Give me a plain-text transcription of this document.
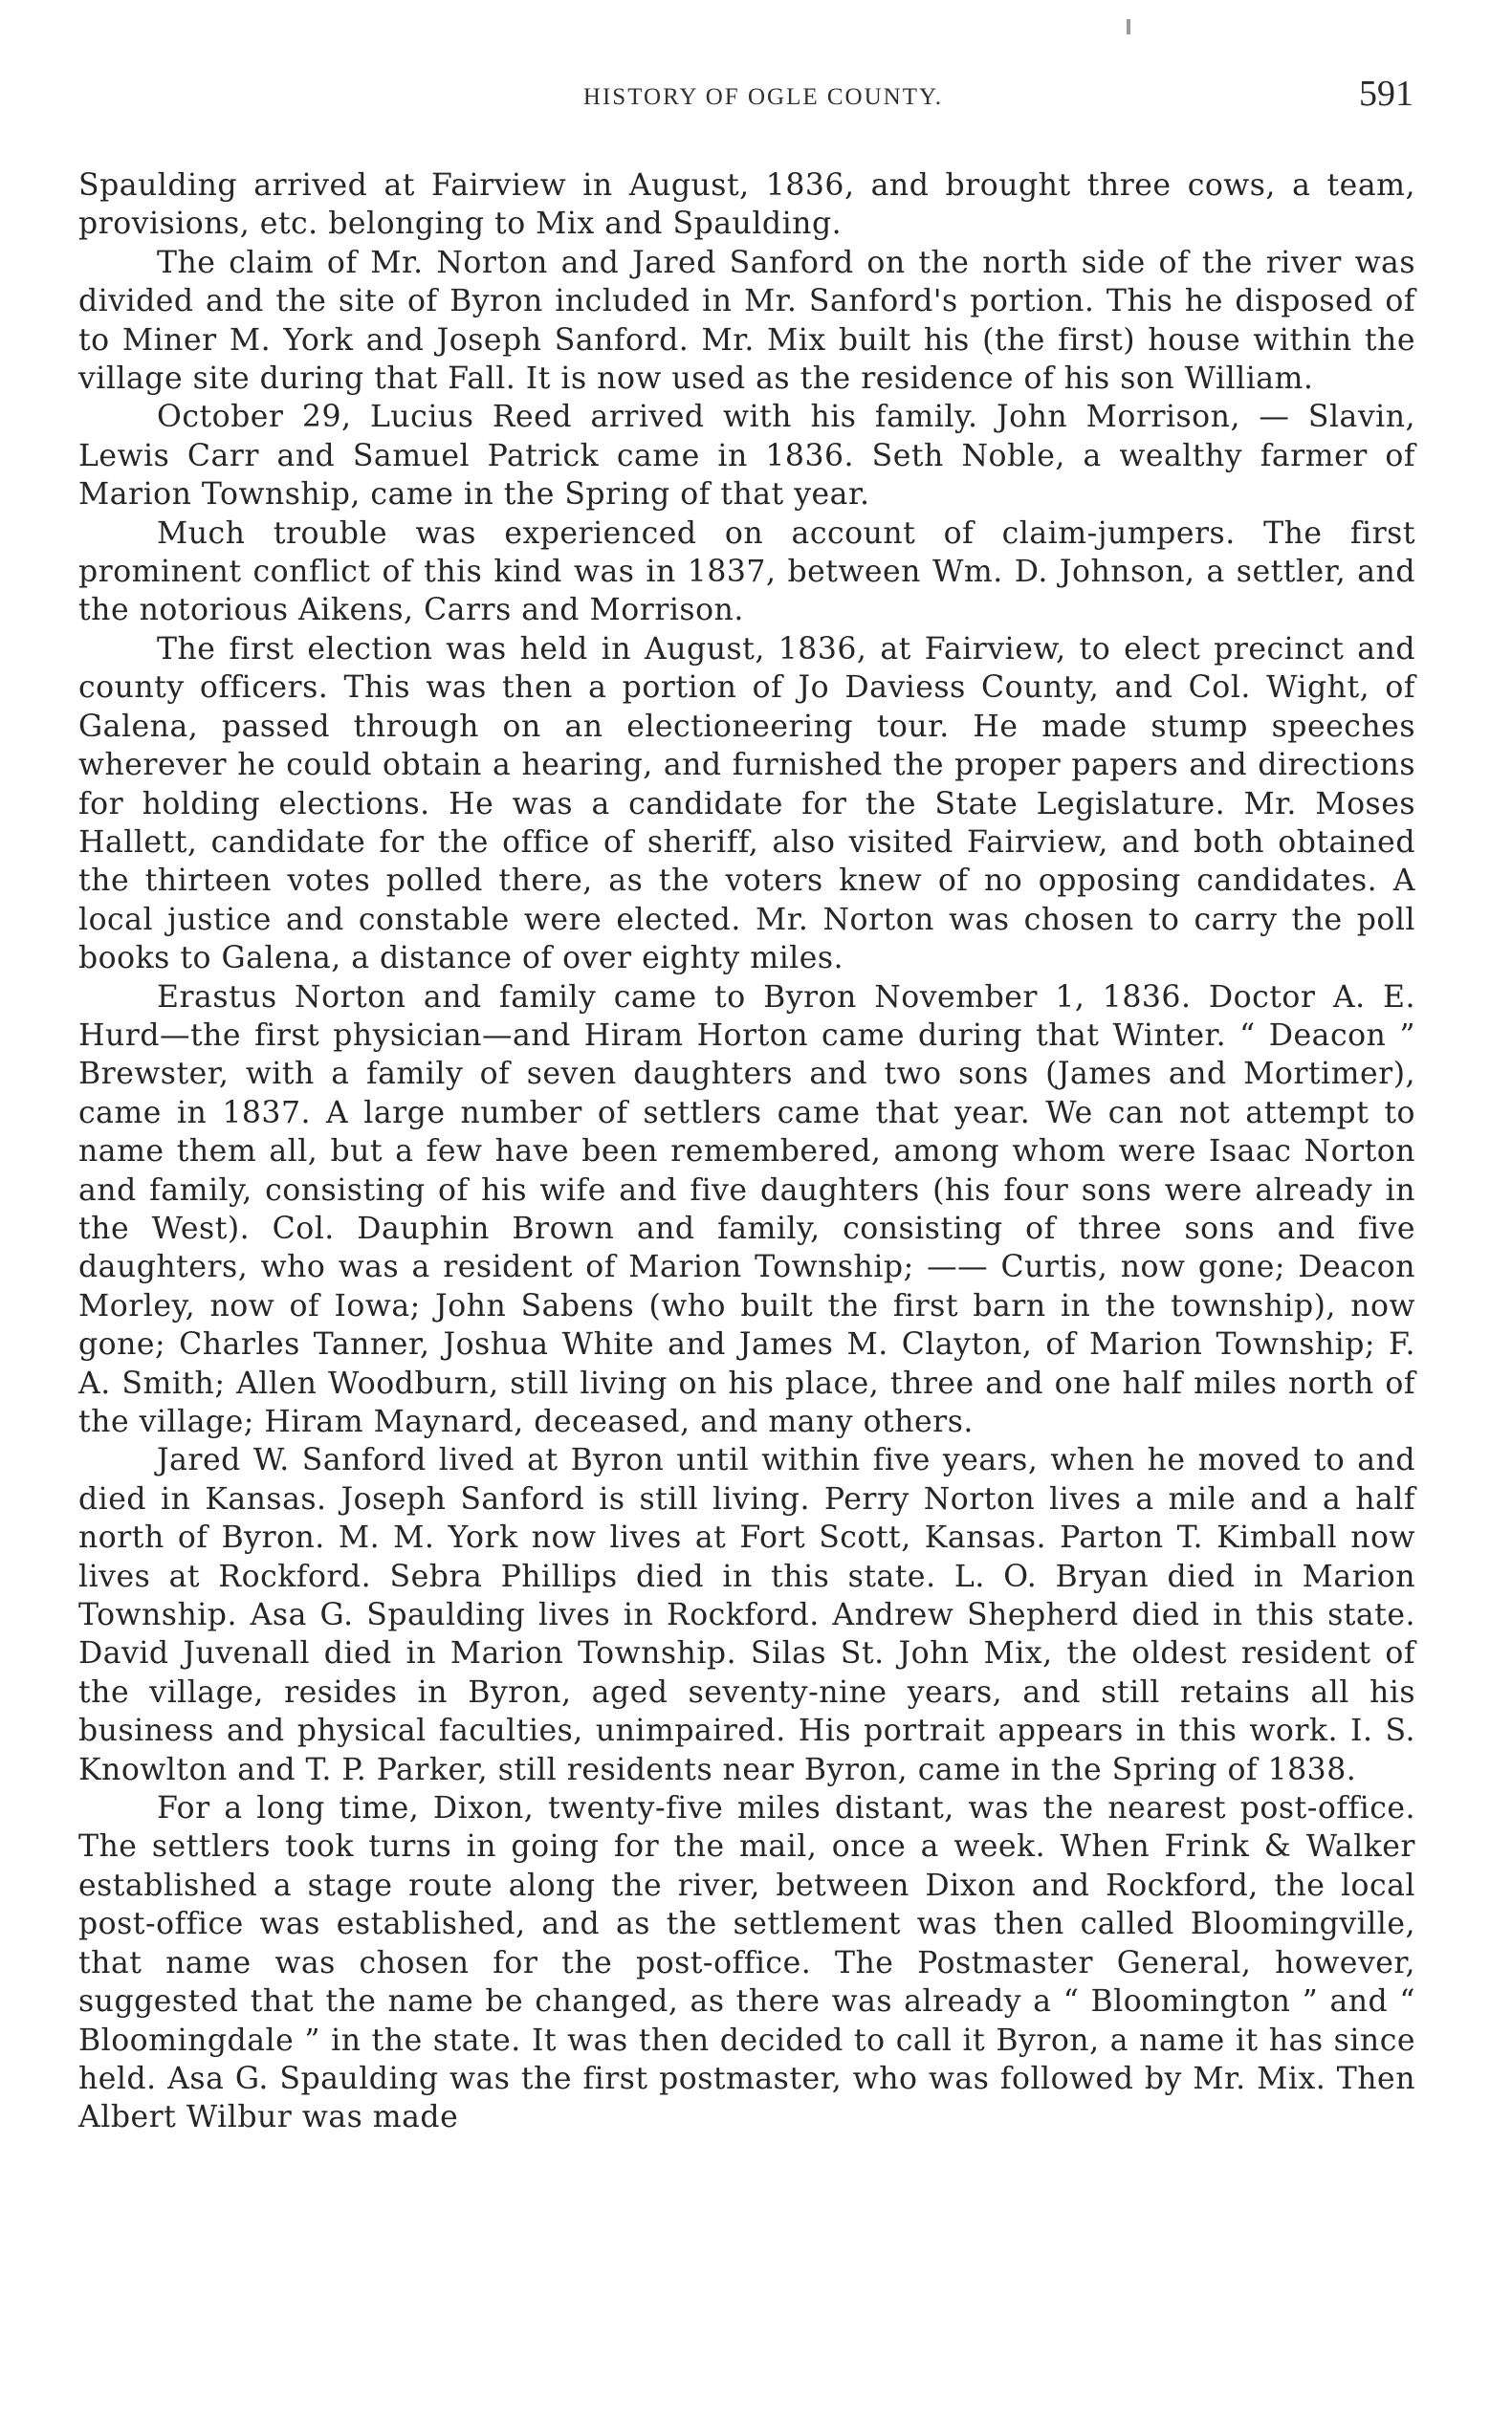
HISTORY OF OGLE COUNTY.	591

Spaulding arrived at Fairview in August, 1836, and brought three cows, a team, provisions, etc. belonging to Mix and Spaulding.

The claim of Mr. Norton and Jared Sanford on the north side of the river was divided and the site of Byron included in Mr. Sanford's portion. This he disposed of to Miner M. York and Joseph Sanford. Mr. Mix built his (the first) house within the village site during that Fall. It is now used as the residence of his son William.

October 29, Lucius Reed arrived with his family. John Morrison, — Slavin, Lewis Carr and Samuel Patrick came in 1836. Seth Noble, a wealthy farmer of Marion Township, came in the Spring of that year.

Much trouble was experienced on account of claim-jumpers. The first prominent conflict of this kind was in 1837, between Wm. D. Johnson, a settler, and the notorious Aikens, Carrs and Morrison.

The first election was held in August, 1836, at Fairview, to elect precinct and county officers. This was then a portion of Jo Daviess County, and Col. Wight, of Galena, passed through on an electioneering tour. He made stump speeches wherever he could obtain a hearing, and furnished the proper papers and directions for holding elections. He was a candidate for the State Legislature. Mr. Moses Hallett, candidate for the office of sheriff, also visited Fairview, and both obtained the thirteen votes polled there, as the voters knew of no opposing candidates. A local justice and constable were elected. Mr. Norton was chosen to carry the poll books to Galena, a distance of over eighty miles.

Erastus Norton and family came to Byron November 1, 1836. Doctor A. E. Hurd—the first physician—and Hiram Horton came during that Winter. “ Deacon ” Brewster, with a family of seven daughters and two sons (James and Mortimer), came in 1837. A large number of settlers came that year. We can not attempt to name them all, but a few have been remembered, among whom were Isaac Norton and family, consisting of his wife and five daughters (his four sons were already in the West). Col. Dauphin Brown and family, consisting of three sons and five daughters, who was a resident of Marion Township; —— Curtis, now gone; Deacon Morley, now of Iowa; John Sabens (who built the first barn in the township), now gone; Charles Tanner, Joshua White and James M. Clayton, of Marion Township; F. A. Smith; Allen Woodburn, still living on his place, three and one half miles north of the village; Hiram Maynard, deceased, and many others.

Jared W. Sanford lived at Byron until within five years, when he moved to and died in Kansas. Joseph Sanford is still living. Perry Norton lives a mile and a half north of Byron. M. M. York now lives at Fort Scott, Kansas. Parton T. Kimball now lives at Rockford. Sebra Phillips died in this state. L. O. Bryan died in Marion Township. Asa G. Spaulding lives in Rockford. Andrew Shepherd died in this state. David Juvenall died in Marion Township. Silas St. John Mix, the oldest resident of the village, resides in Byron, aged seventy-nine years, and still retains all his business and physical faculties, unimpaired. His portrait appears in this work. I. S. Knowlton and T. P. Parker, still residents near Byron, came in the Spring of 1838.

For a long time, Dixon, twenty-five miles distant, was the nearest post-office. The settlers took turns in going for the mail, once a week. When Frink & Walker established a stage route along the river, between Dixon and Rockford, the local post-office was established, and as the settlement was then called Bloomingville, that name was chosen for the post-office. The Postmaster General, however, suggested that the name be changed, as there was already a “ Bloomington ” and “ Bloomingdale ” in the state. It was then decided to call it Byron, a name it has since held. Asa G. Spaulding was the first postmaster, who was followed by Mr. Mix. Then Albert Wilbur was made
